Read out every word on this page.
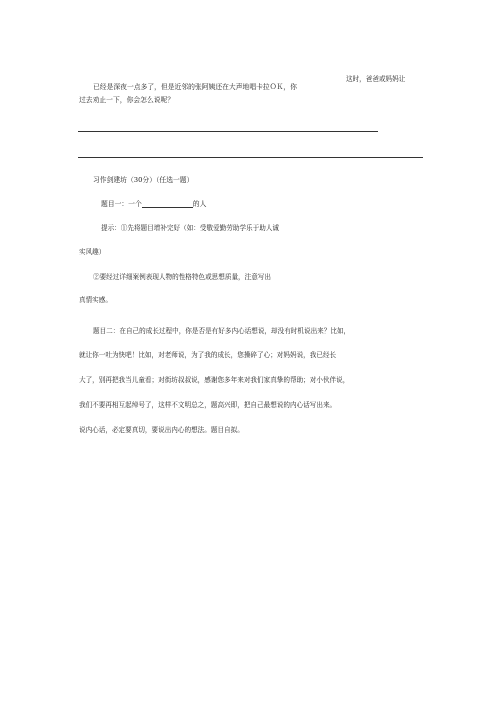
这时，爸爸或妈妈让
已经是深夜一点多了，但是近邻的张阿姨还在大声地唱卡拉ＯＫ，你
过去劝止一下，你会怎么说呢？
习作剑建坊（30分）（任选一题）
题目一：一个	的人
提示：①先将题目增补完好（如：受敬爱勤劳助学乐于助人诚
实风趣）
②要经过详细案例表现人物的性格特色或思想质量，注意写出
真情实感。
题目二：在自己的成长过程中，你是否是有好多内心话想说，却没有时机说出来？比如，
就让你一吐为快吧！比如，对老师说，为了我的成长，您操碎了心；对妈妈说，我已经长
大了，别再把我当儿童看；对街坊叔叔说，感谢您多年来对我们家真挚的帮助；对小伙伴说，
我们不要再相互起绰号了，这样不文明总之，题高兴即，把自己最想说的内心话写出来。
说内心话，必定要真切，要说出内心的想法。题目自拟。
